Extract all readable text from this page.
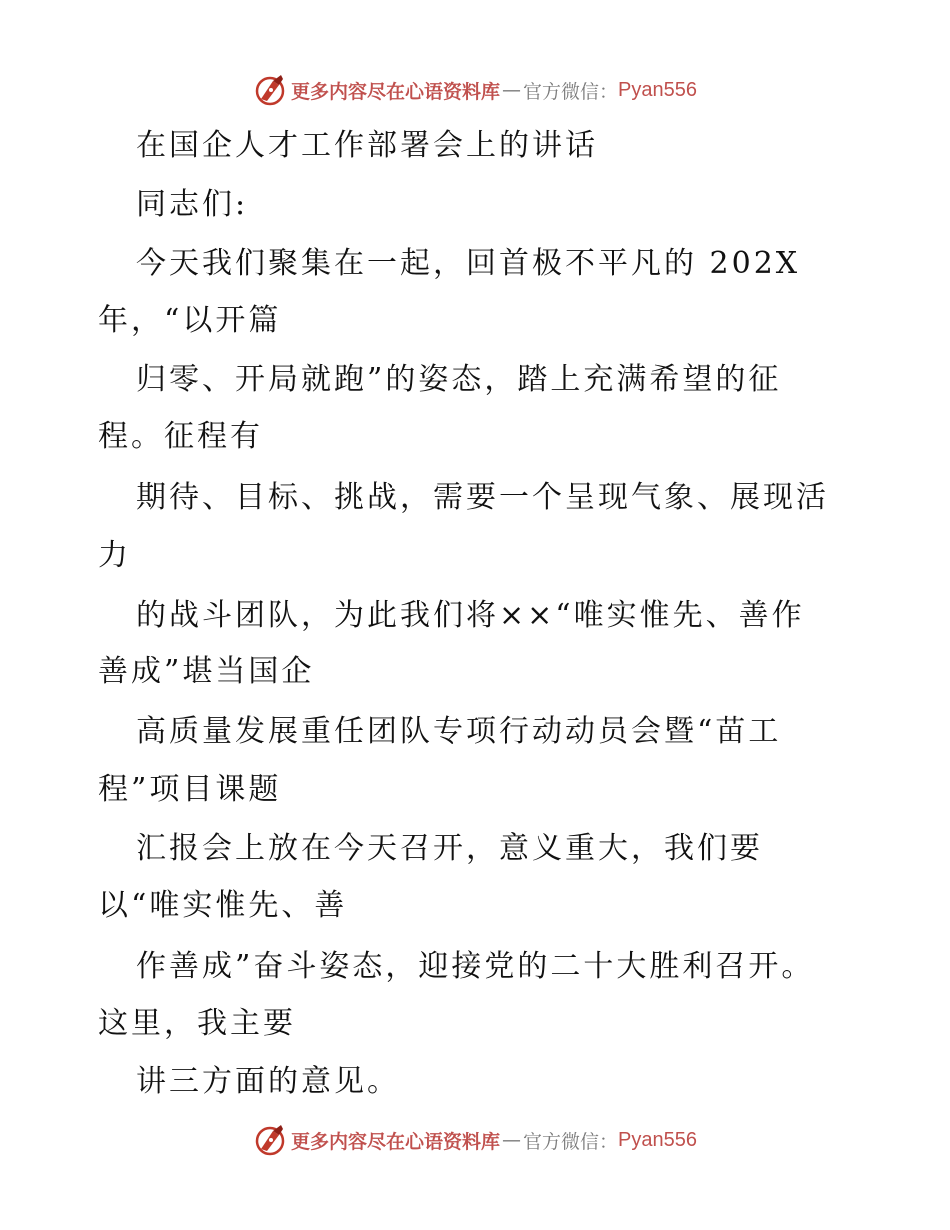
更多内容尽在心语资料库 — 官方微信： Pyan556
在国企人才工作部署会上的讲话
同志们:
今天我们聚集在一起，回首极不平凡的 202X
年，“以开篇
归零、开局就跑”的姿态，踏上充满希望的征
程。征程有
期待、目标、挑战，需要一个呈现气象、展现活
力
的战斗团队，为此我们将××“唯实惟先、善作
善成”堪当国企
高质量发展重任团队专项行动动员会暨“苗工
程”项目课题
汇报会上放在今天召开，意义重大，我们要
以“唯实惟先、善
作善成”奋斗姿态，迎接党的二十大胜利召开。
这里，我主要
讲三方面的意见。
更多内容尽在心语资料库 — 官方微信： Pyan556
